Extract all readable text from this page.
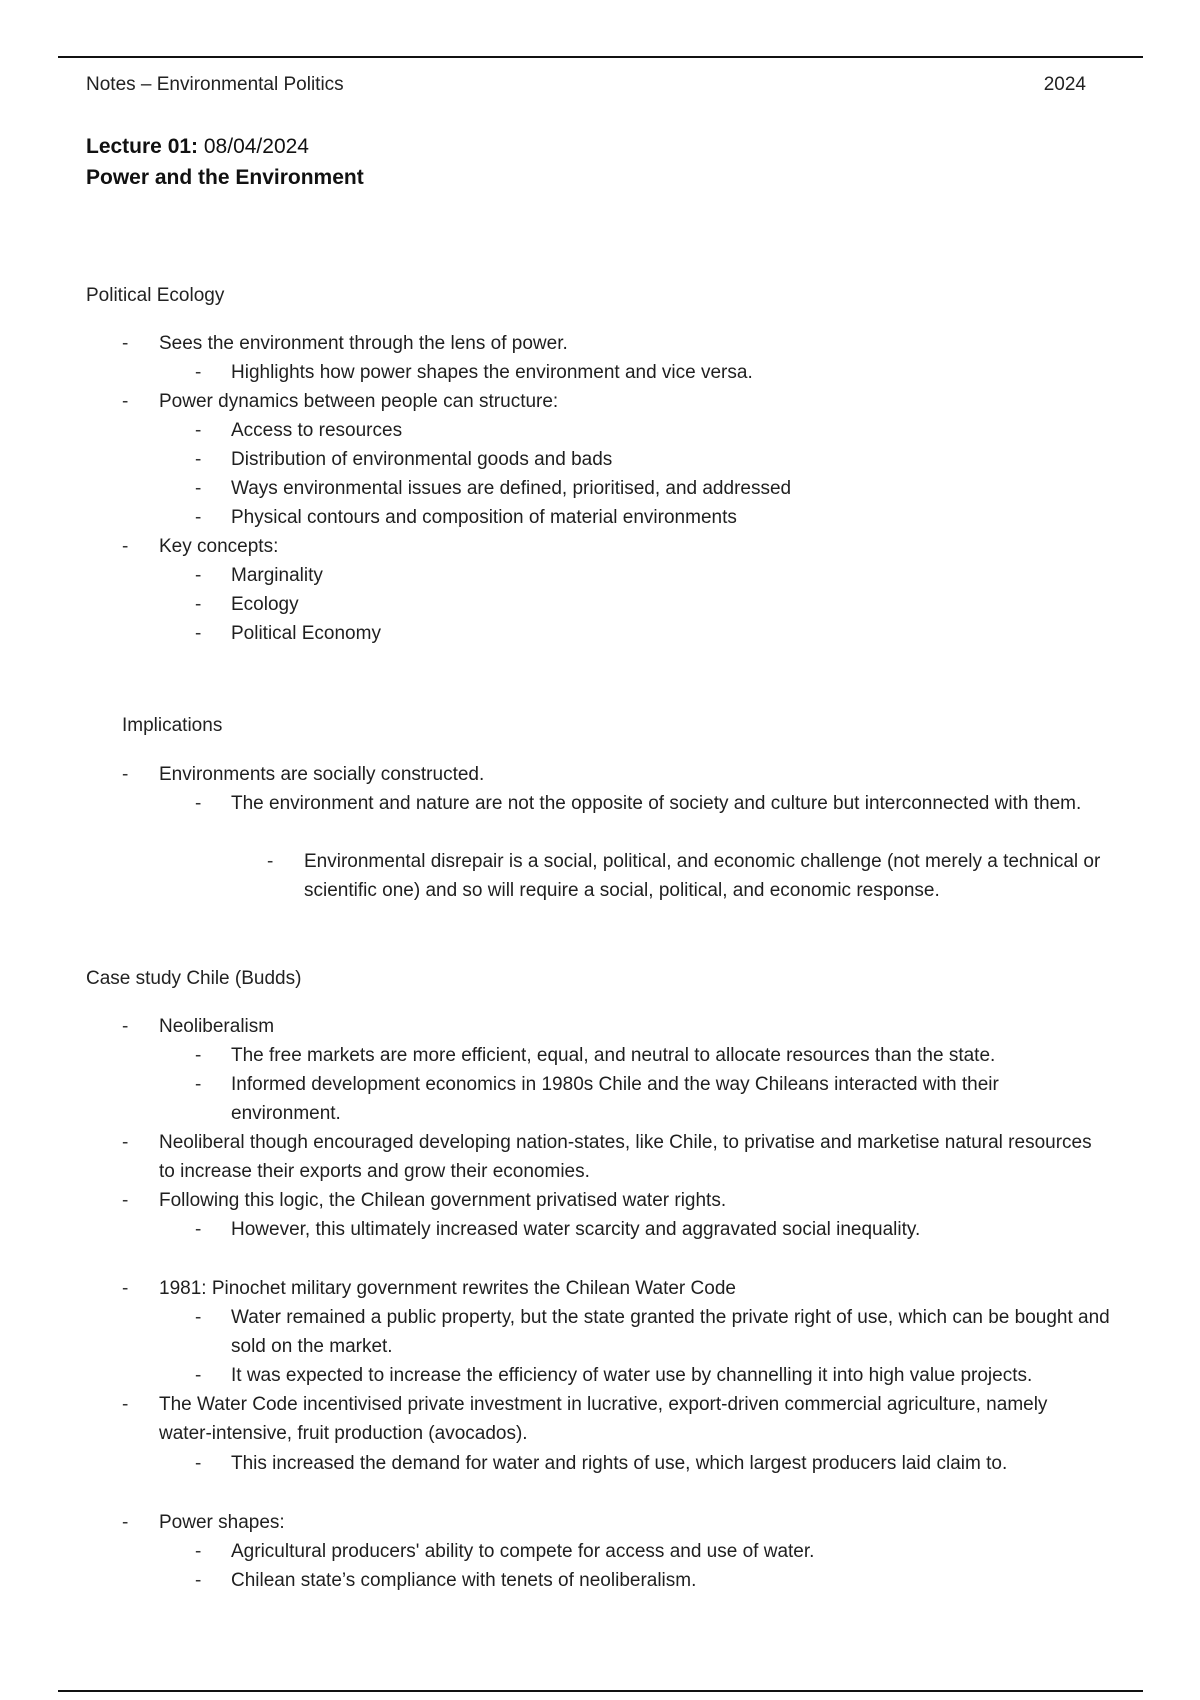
Notes – Environmental Politics	2024
Lecture 01: 08/04/2024
Power and the Environment
Political Ecology
- Sees the environment through the lens of power.
- Highlights how power shapes the environment and vice versa.
- Power dynamics between people can structure:
- Access to resources
- Distribution of environmental goods and bads
- Ways environmental issues are defined, prioritised, and addressed
- Physical contours and composition of material environments
- Key concepts:
- Marginality
- Ecology
- Political Economy
Implications
- Environments are socially constructed.
- The environment and nature are not the opposite of society and culture but interconnected with them.
- Environmental disrepair is a social, political, and economic challenge (not merely a technical or scientific one) and so will require a social, political, and economic response.
Case study Chile (Budds)
- Neoliberalism
- The free markets are more efficient, equal, and neutral to allocate resources than the state.
- Informed development economics in 1980s Chile and the way Chileans interacted with their environment.
- Neoliberal though encouraged developing nation-states, like Chile, to privatise and marketise natural resources to increase their exports and grow their economies.
- Following this logic, the Chilean government privatised water rights.
- However, this ultimately increased water scarcity and aggravated social inequality.
- 1981: Pinochet military government rewrites the Chilean Water Code
- Water remained a public property, but the state granted the private right of use, which can be bought and sold on the market.
- It was expected to increase the efficiency of water use by channelling it into high value projects.
- The Water Code incentivised private investment in lucrative, export-driven commercial agriculture, namely water-intensive, fruit production (avocados).
- This increased the demand for water and rights of use, which largest producers laid claim to.
- Power shapes:
- Agricultural producers' ability to compete for access and use of water.
- Chilean state’s compliance with tenets of neoliberalism.
